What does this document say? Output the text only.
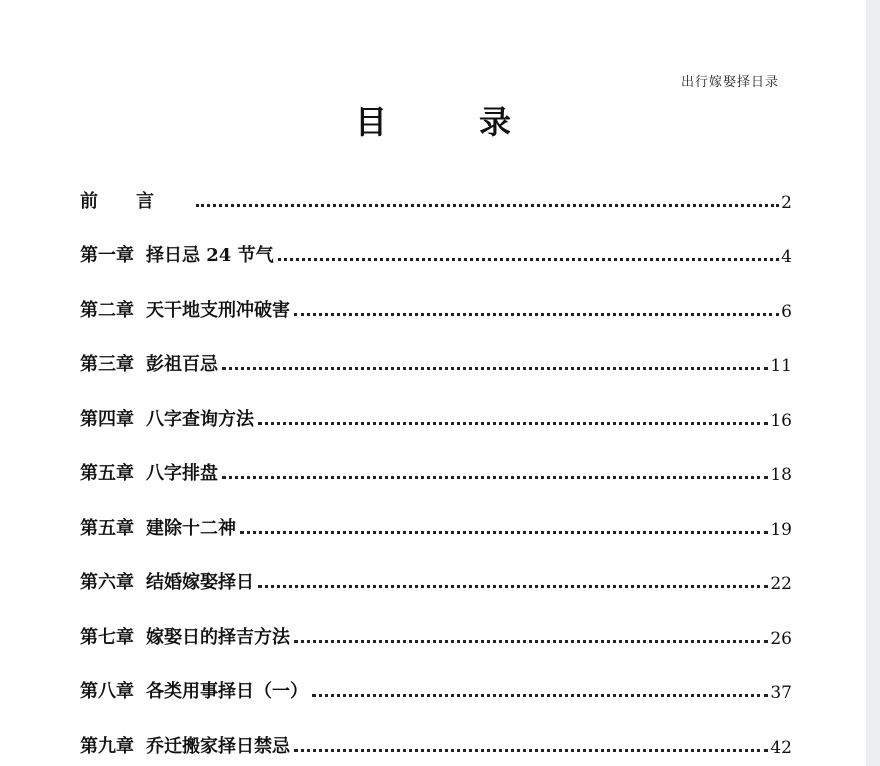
出行嫁娶择日录
目	录
前言	2
第一章 择日忌 24 节气	4
第二章 天干地支刑冲破害	6
第三章 彭祖百忌	11
第四章 八字查询方法	16
第五章 八字排盘	18
第五章 建除十二神	19
第六章 结婚嫁娶择日	22
第七章 嫁娶日的择吉方法	26
第八章 各类用事择日（一）	37
第九章 乔迁搬家择日禁忌	42
